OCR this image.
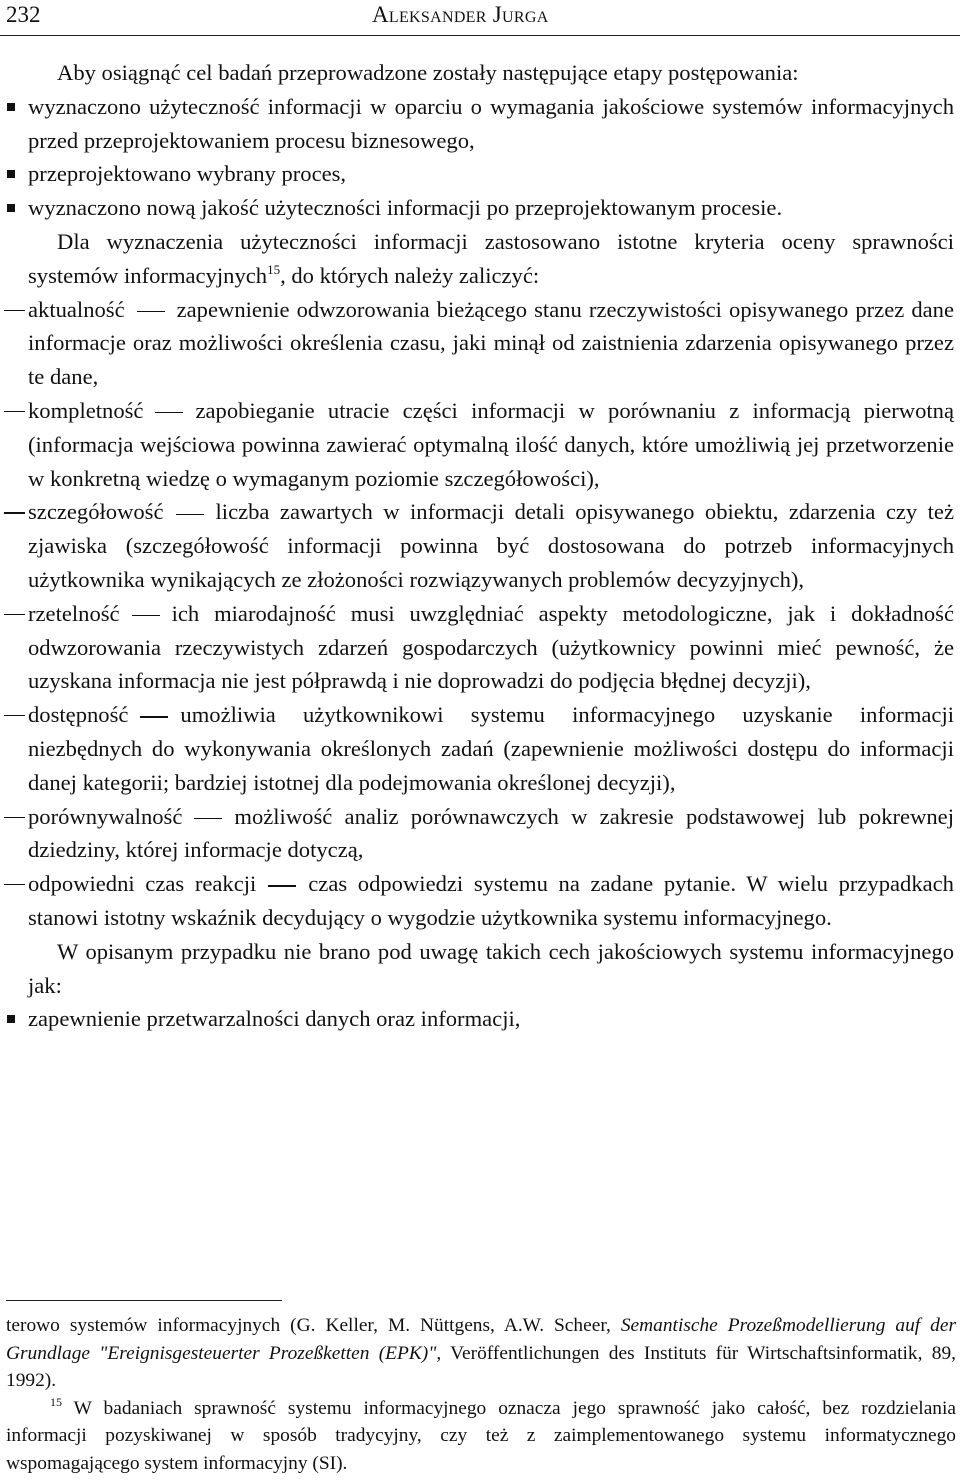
232	Aleksander Jurga

Aby osiągnąć cel badań przeprowadzone zostały następujące etapy postępowania:

wyznaczono użyteczność informacji w oparciu o wymagania jakościowe systemów informacyjnych przed przeprojektowaniem procesu biznesowego,

przeprojektowano wybrany proces,

wyznaczono nową jakość użyteczności informacji po przeprojektowanym procesie.

Dla wyznaczenia użyteczności informacji zastosowano istotne kryteria oceny sprawności systemów informacyjnych$^{15}$, do których należy zaliczyć:

aktualność zapewnienie odwzorowania bieżącego stanu rzeczywistości opisywanego przez dane informacje oraz możliwości określenia czasu, jaki minął od zaistnienia zdarzenia opisywanego przez te dane,

kompletność zapobieganie utracie części informacji w porównaniu z informacją pierwotną (informacja wejściowa powinna zawierać optymalną ilość danych, które umożliwią jej przetworzenie w konkretną wiedzę o wymaganym poziomie szczegółowości),

szczegółowość liczba zawartych w informacji detali opisywanego obiektu, zdarzenia czy też zjawiska (szczegółowość informacji powinna być dostosowana do potrzeb informacyjnych użytkownika wynikających ze złożoności rozwiązywanych problemów decyzyjnych),

rzetelność ich miarodajność musi uwzględniać aspekty metodologiczne, jak i dokładność odwzorowania rzeczywistych zdarzeń gospodarczych (użytkownicy powinni mieć pewność, że uzyskana informacja nie jest półprawdą i nie doprowadzi do podjęcia błędnej decyzji),

dostępność umożliwia użytkownikowi systemu informacyjnego uzyskanie informacji niezbędnych do wykonywania określonych zadań (zapewnienie możliwości dostępu do informacji danej kategorii; bardziej istotnej dla podejmowania określonej decyzji),

porównywalność możliwość analiz porównawczych w zakresie podstawowej lub pokrewnej dziedziny, której informacje dotyczą,

odpowiedni czas reakcji czas odpowiedzi systemu na zadane pytanie. W wielu przypadkach stanowi istotny wskaźnik decydujący o wygodzie użytkownika systemu informacyjnego.

W opisanym przypadku nie brano pod uwagę takich cech jakościowych systemu informacyjnego jak:

zapewnienie przetwarzalności danych oraz informacji,

terowo systemów informacyjnych (G. Keller, M. Nüttgens, A.W. Scheer, Semantische Prozeßmodellierung auf der Grundlage "Ereignisgesteuerter Prozeßketten (EPK)", Veröffentlichungen des Instituts für Wirtschaftsinformatik, 89, 1992).

$^{15}$ W badaniach sprawność systemu informacyjnego oznacza jego sprawność jako całość, bez rozdzielania informacji pozyskiwanej w sposób tradycyjny, czy też z zaimplementowanego systemu informatycznego wspomagającego system informacyjny (SI).
